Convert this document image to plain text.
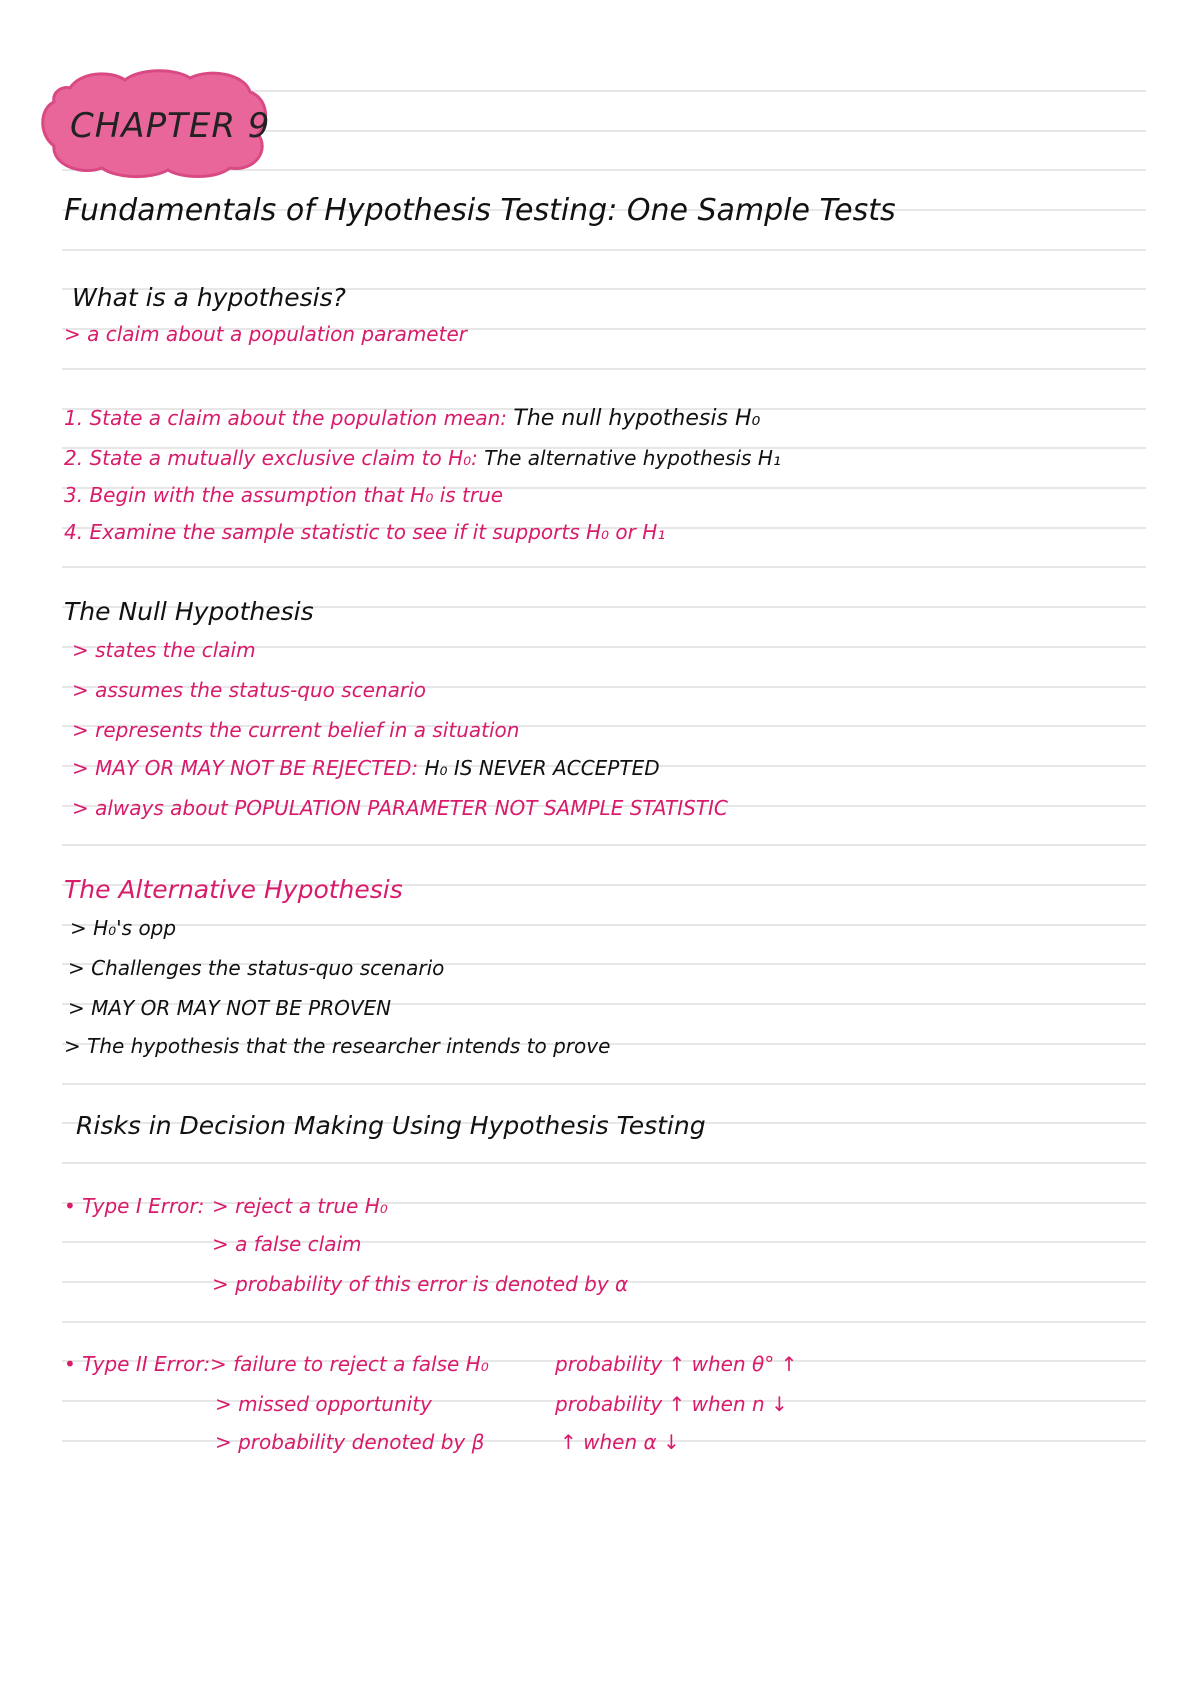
CHAPTER 9
Fundamentals of Hypothesis Testing: One Sample Tests
What is a hypothesis?
> a claim about a population parameter
1. State a claim about the population mean: The null hypothesis H₀
2. State a mutually exclusive claim to H₀: The alternative hypothesis H₁
3. Begin with the assumption that H₀ is true
4. Examine the sample statistic to see if it supports H₀ or H₁
The Null Hypothesis
> states the claim
> assumes the status-quo scenario
> represents the current belief in a situation
> MAY OR MAY NOT BE REJECTED: H₀ IS NEVER ACCEPTED
> always about POPULATION PARAMETER NOT SAMPLE STATISTIC
The Alternative Hypothesis
> H₀'s opp
> Challenges the status-quo scenario
> MAY OR MAY NOT BE PROVEN
> The hypothesis that the researcher intends to prove
Risks in Decision Making Using Hypothesis Testing
• Type I Error: > reject a true H₀
> a false claim
> probability of this error is denoted by α
• Type II Error: > failure to reject a false H₀
> missed opportunity
> probability denoted by β
probability ↑ when θ° ↑
probability ↑ when n ↓
↑ when α ↓
